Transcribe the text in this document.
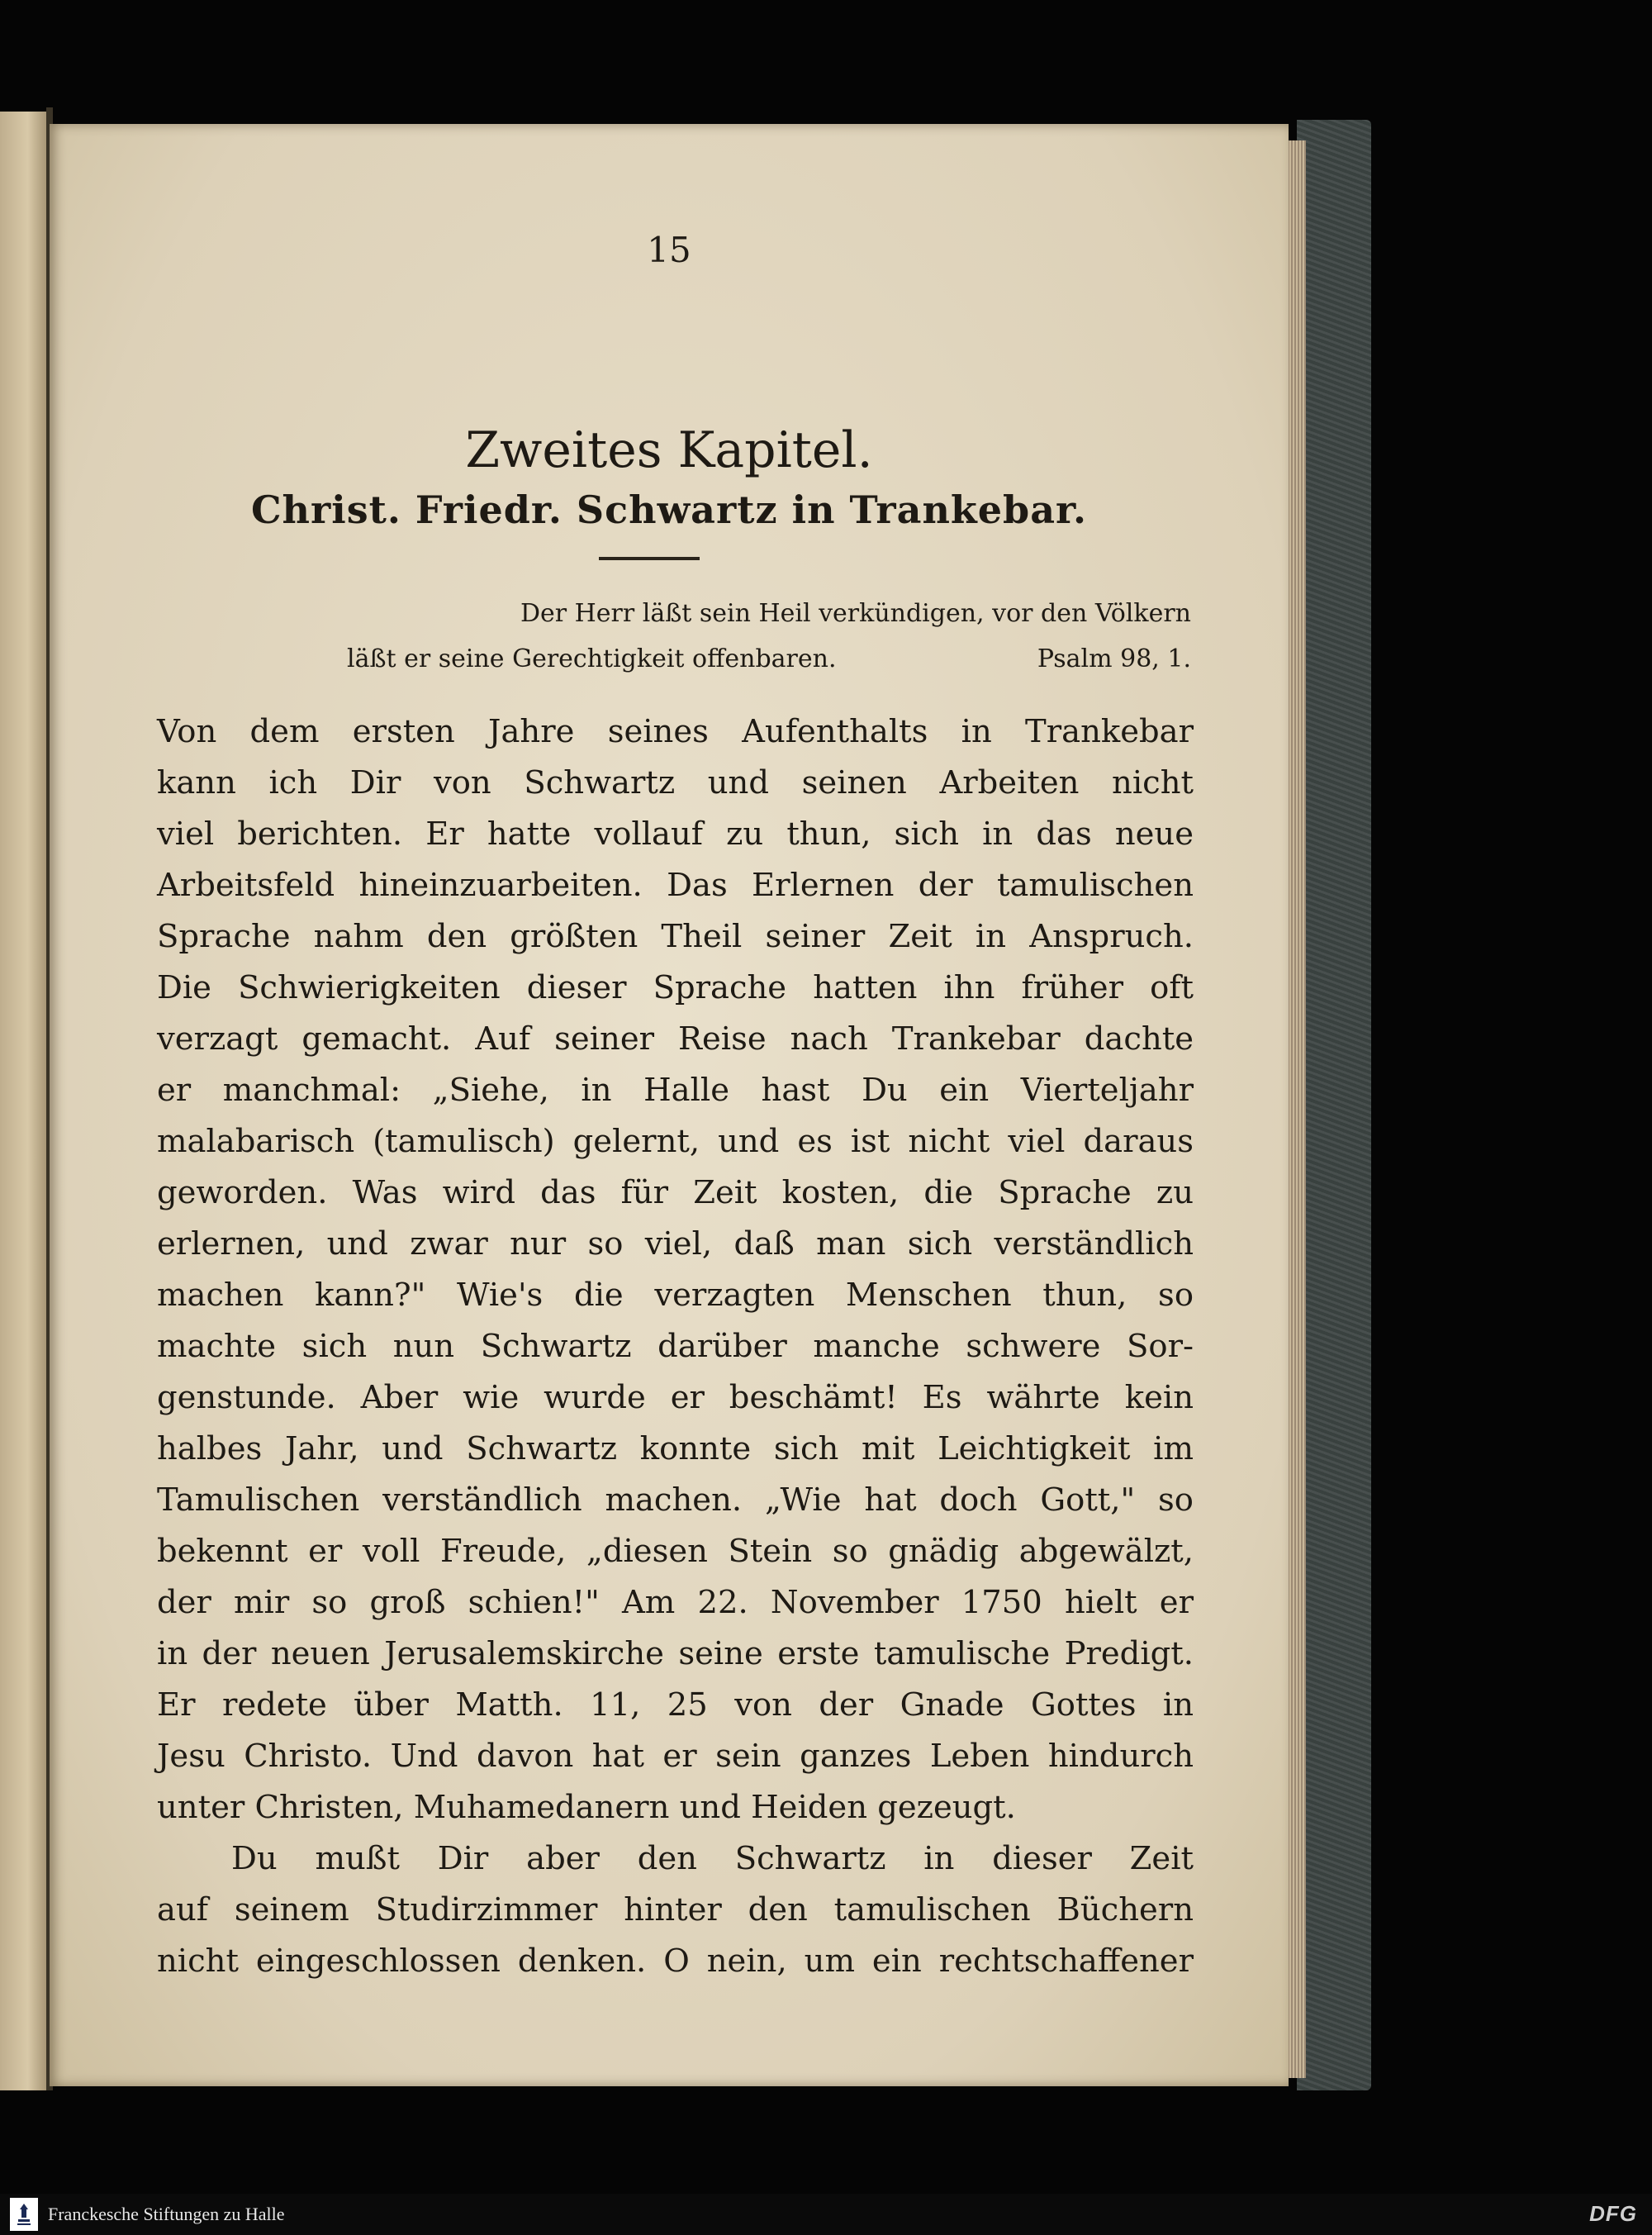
15
Zweites Kapitel.
Christ. Friedr. Schwartz in Trankebar.
Der Herr läßt sein Heil verkündigen, vor den Völkern
läßt er seine Gerechtigkeit offenbaren.	Psalm 98, 1.
Von dem ersten Jahre seines Aufenthalts in Trankebar
kann ich Dir von Schwartz und seinen Arbeiten nicht
viel berichten. Er hatte vollauf zu thun, sich in das neue
Arbeitsfeld hineinzuarbeiten. Das Erlernen der tamulischen
Sprache nahm den größten Theil seiner Zeit in Anspruch.
Die Schwierigkeiten dieser Sprache hatten ihn früher oft
verzagt gemacht. Auf seiner Reise nach Trankebar dachte
er manchmal: „Siehe, in Halle hast Du ein Vierteljahr
malabarisch (tamulisch) gelernt, und es ist nicht viel daraus
geworden. Was wird das für Zeit kosten, die Sprache zu
erlernen, und zwar nur so viel, daß man sich verständlich
machen kann?" Wie's die verzagten Menschen thun, so
machte sich nun Schwartz darüber manche schwere Sor-
genstunde. Aber wie wurde er beschämt! Es währte kein
halbes Jahr, und Schwartz konnte sich mit Leichtigkeit im
Tamulischen verständlich machen. „Wie hat doch Gott," so
bekennt er voll Freude, „diesen Stein so gnädig abgewälzt,
der mir so groß schien!" Am 22. November 1750 hielt er
in der neuen Jerusalemskirche seine erste tamulische Predigt.
Er redete über Matth. 11, 25 von der Gnade Gottes in
Jesu Christo. Und davon hat er sein ganzes Leben hindurch
unter Christen, Muhamedanern und Heiden gezeugt.
Du mußt Dir aber den Schwartz in dieser Zeit
auf seinem Studirzimmer hinter den tamulischen Büchern
nicht eingeschlossen denken. O nein, um ein rechtschaffener
Franckesche Stiftungen zu Halle	DFG
